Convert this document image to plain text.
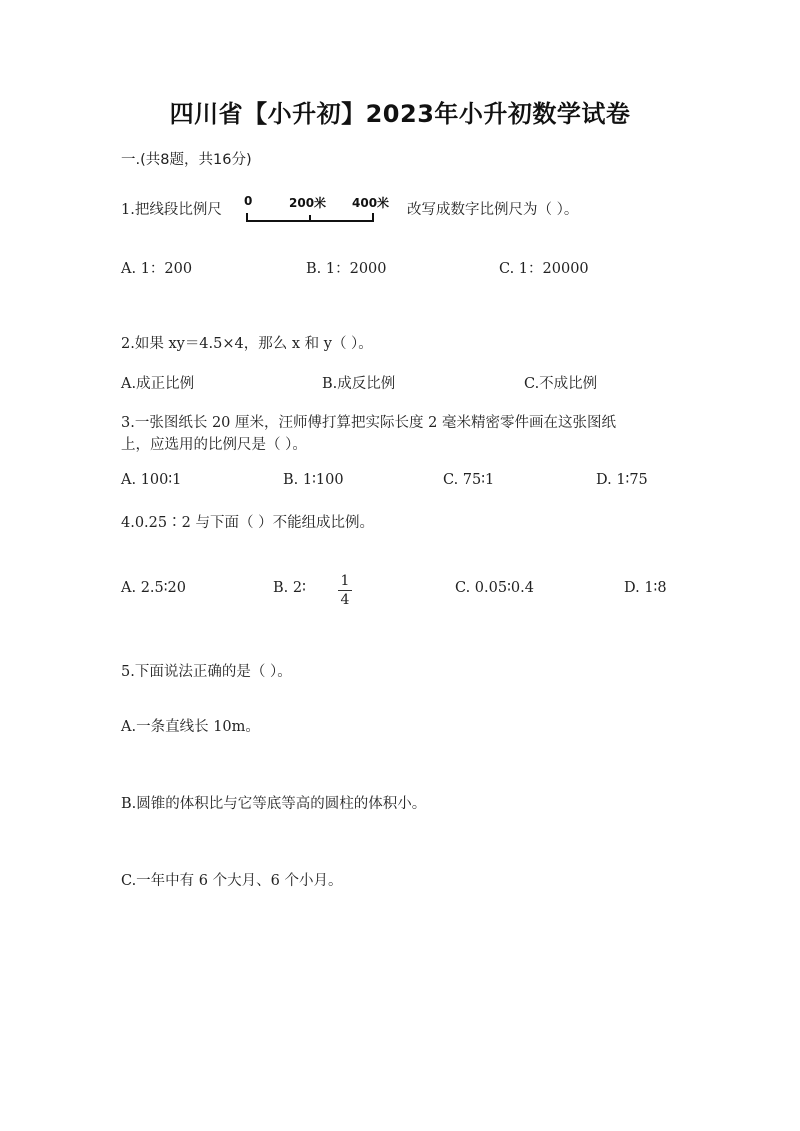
四川省【小升初】2023年小升初数学试卷
一.(共8题，共16分)
1.把线段比例尺
0	200米 400米 改写成数字比例尺为（ ）。
A. 1：200	B. 1：2000	C. 1：20000
2.如果 xy＝4.5×4，那么 x 和 y（ ）。
A.成正比例	B.成反比例	C.不成比例
3.一张图纸长 20 厘米，汪师傅打算把实际长度 2 毫米精密零件画在这张图纸
上，应选用的比例尺是（ ）。
A. 100∶1	B. 1∶100	C. 75∶1	D. 1∶75
4.0.25∶2 与下面（ ）不能组成比例。
A. 2.5∶20	B. 2∶ 1
4
C. 0.05∶0.4	D. 1∶8
5.下面说法正确的是（ ）。
A.一条直线长 10m。
B.圆锥的体积比与它等底等高的圆柱的体积小。
C.一年中有 6 个大月、6 个小月。
